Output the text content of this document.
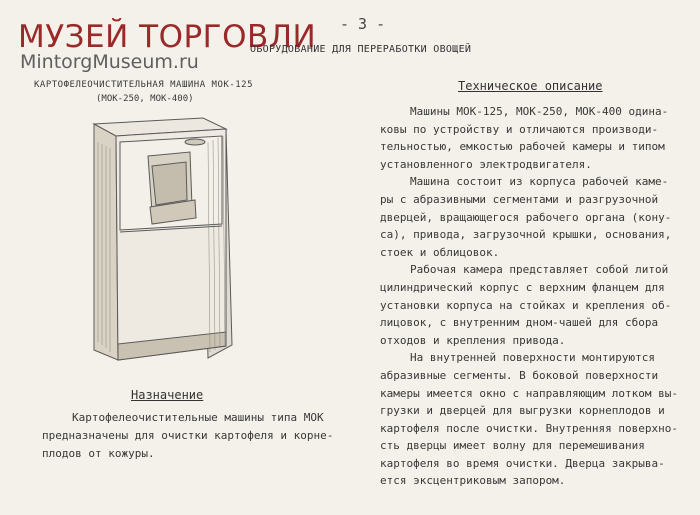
МУЗЕЙ ТОРГОВЛИ
MintorgMuseum.ru
- 3 -
ОБОРУДОВАНИЕ ДЛЯ ПЕРЕРАБОТКИ ОВОЩЕЙ
КАРТОФЕЛЕОЧИСТИТЕЛЬНАЯ МАШИНА МОК-125
(МОК-250, МОК-400)
Назначение

Картофелеочистительные машины типа МОК
предназначены для очистки картофеля и корне-
плодов от кожуры.

Техническое описание

Машины МОК-125, МОК-250, МОК-400 одина-
ковы по устройству и отличаются производи-
тельностью, емкостью рабочей камеры и типом
установленного электродвигателя.

Машина состоит из корпуса рабочей каме-
ры с абразивными сегментами и разгрузочной
дверцей, вращающегося рабочего органа (кону-
са), привода, загрузочной крышки, основания,
стоек и облицовок.

Рабочая камера представляет собой литой
цилиндрический корпус с верхним фланцем для
установки корпуса на стойках и крепления об-
лицовок, с внутренним дном-чашей для сбора
отходов и крепления привода.

На внутренней поверхности монтируются
абразивные сегменты. В боковой поверхности
камеры имеется окно с направляющим лотком вы-
грузки и дверцей для выгрузки корнеплодов и
картофеля после очистки. Внутренняя поверхно-
сть дверцы имеет волну для перемешивания
картофеля во время очистки. Дверца закрыва-
ется эксцентриковым запором.
